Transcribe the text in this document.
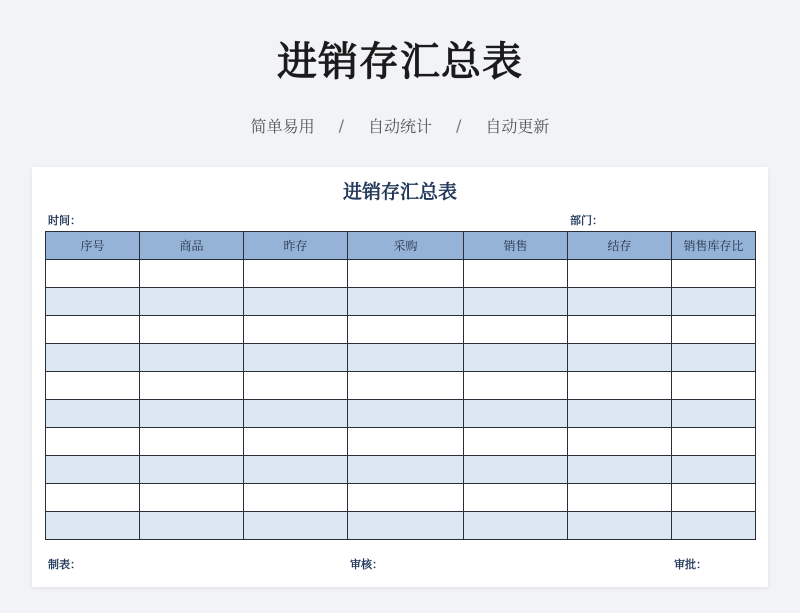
进销存汇总表
简单易用 / 自动统计 / 自动更新
进销存汇总表
时间：	部门：
序号	商品	昨存	采购	销售	结存	销售库存比

制表：	审核：	审批：
